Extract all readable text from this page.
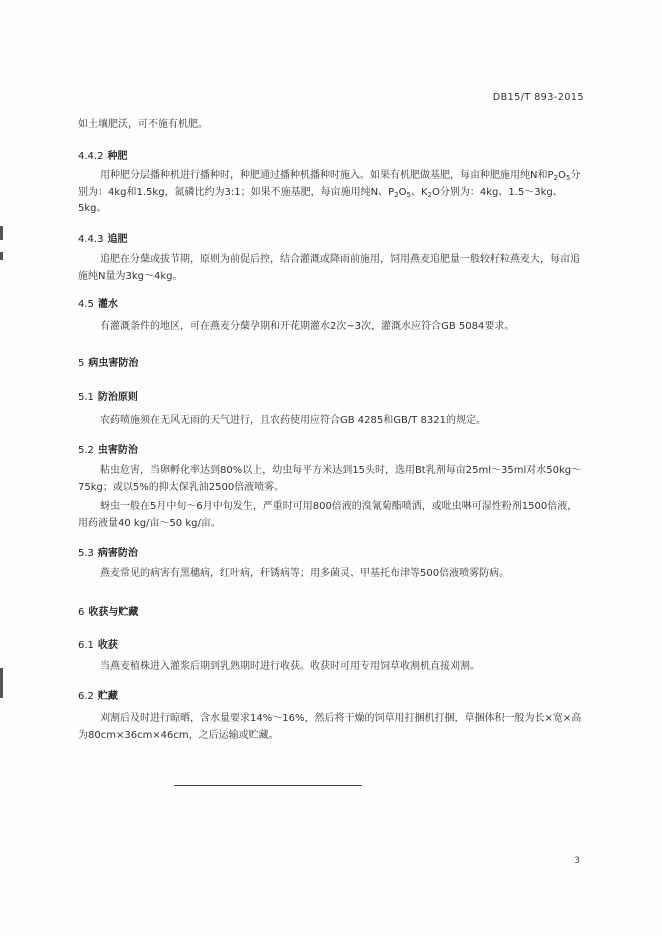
DB15/T 893-2015
如土壤肥沃，可不施有机肥。
4.4.2 种肥
用种肥分层播种机进行播种时，种肥通过播种机播种时施入。如果有机肥做基肥，每亩种肥施用纯N和$P_2O_5$分别为：4kg和1.5kg，氮磷比约为3:1；如果不施基肥，每亩施用纯N、$P_2O_5$、$K_2O$分别为：4kg、1.5～3kg、5kg。
4.4.3 追肥
追肥在分蘖或拔节期，原则为前促后控，结合灌溉或降雨前施用，饲用燕麦追肥量一般较籽粒燕麦大，每亩追施纯N量为3kg～4kg。
4.5 灌水
有灌溉条件的地区，可在燕麦分蘖孕期和开花期灌水2次~3次，灌溉水应符合GB 5084要求。
5 病虫害防治
5.1 防治原则
农药喷施须在无风无雨的天气进行，且农药使用应符合GB 4285和GB/T 8321的规定。
5.2 虫害防治
粘虫危害，当卵孵化率达到80%以上，幼虫每平方米达到15头时，选用Bt乳剂每亩25ml～35ml对水50kg～75kg；或以5%的抑太保乳油2500倍液喷雾。
蚜虫一般在5月中旬～6月中旬发生，严重时可用800倍液的溴氰菊酯喷洒，或吡虫啉可湿性粉剂1500倍液，用药液量40 kg/亩～50 kg/亩。
5.3 病害防治
燕麦常见的病害有黑穗病，红叶病，秆锈病等；用多菌灵、甲基托布津等500倍液喷雾防病。
6 收获与贮藏
6.1 收获
当燕麦植株进入灌浆后期到乳熟期时进行收获。收获时可用专用饲草收割机直接刈割。
6.2 贮藏
刈割后及时进行晾晒，含水量要求14%～16%，然后将干燥的饲草用打捆机打捆，草捆体积一般为长×宽×高为80cm×36cm×46cm，之后运输或贮藏。
3
